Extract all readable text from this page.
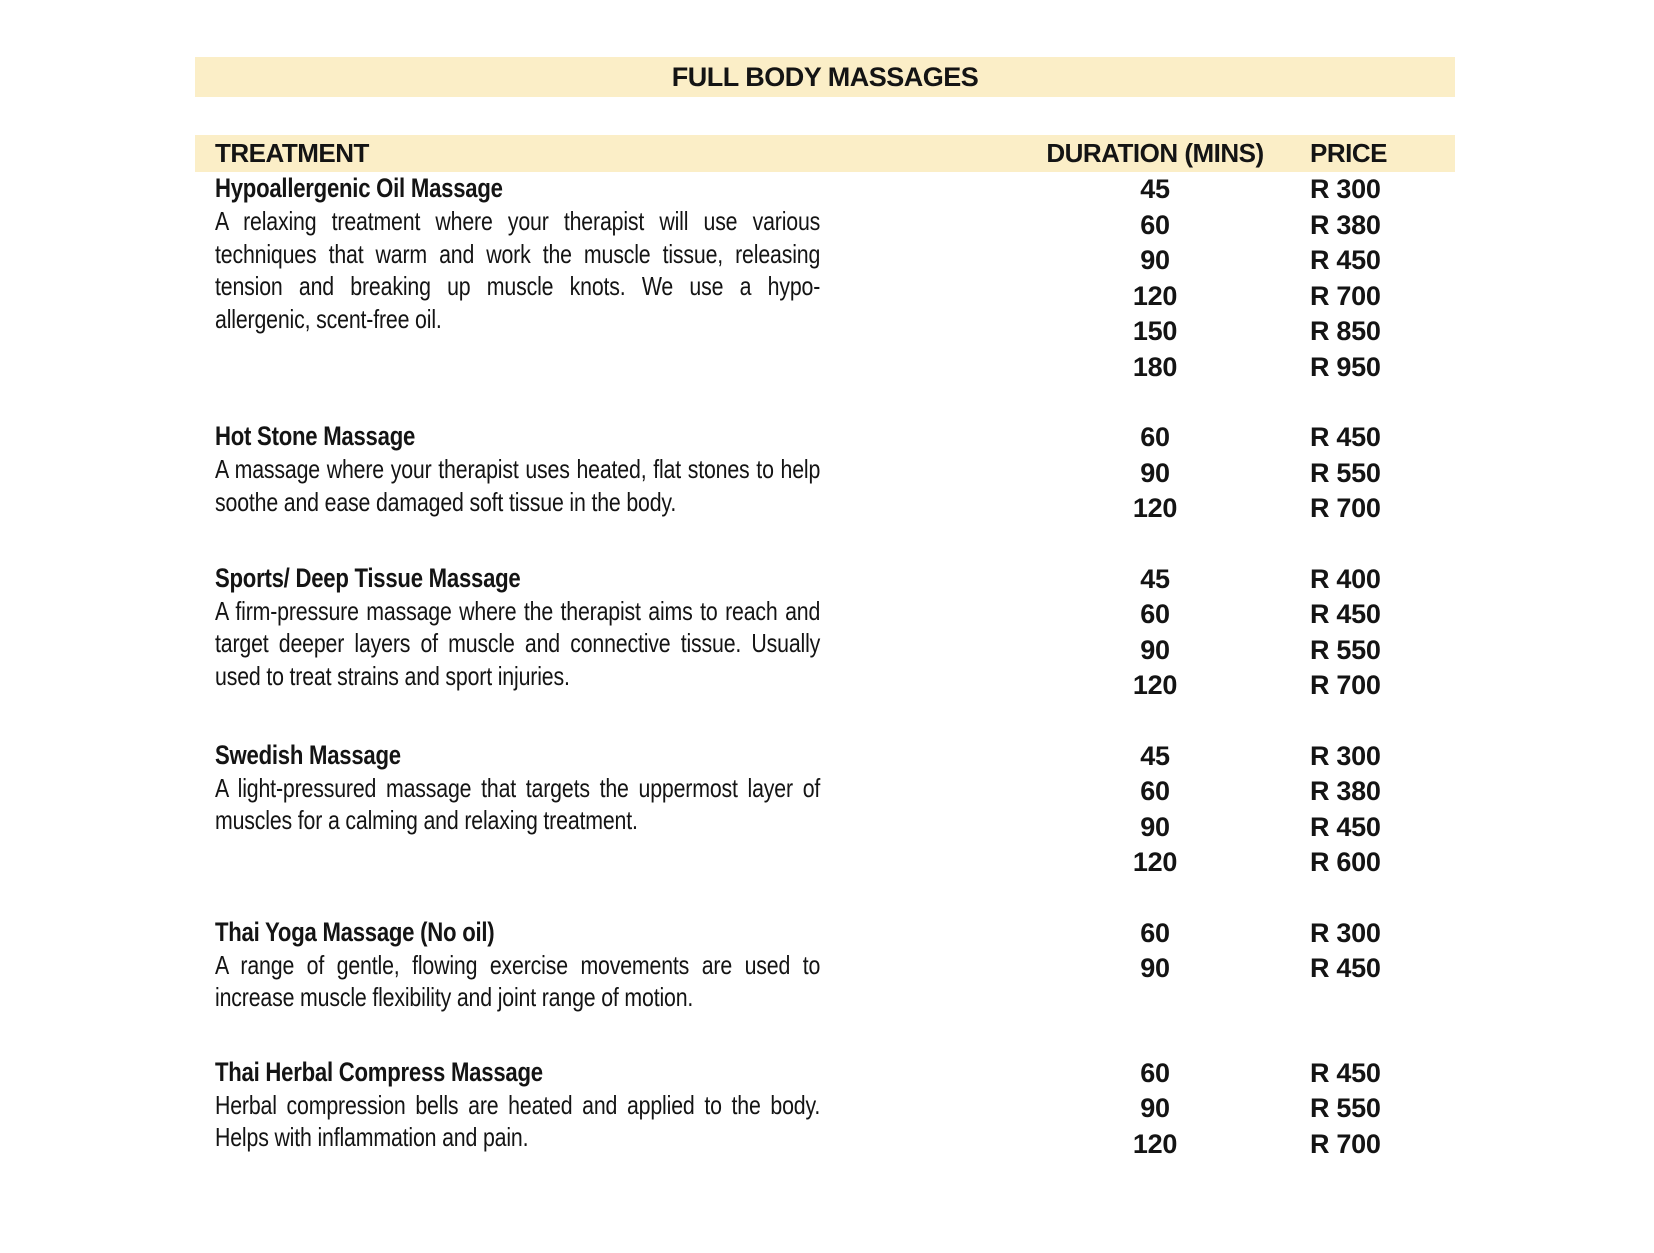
FULL BODY MASSAGES
TREATMENT	DURATION (MINS)	PRICE
Hypoallergenic Oil Massage
A relaxing treatment where your therapist will use various techniques that warm and work the muscle tissue, releasing tension and breaking up muscle knots. We use a hypo-allergenic, scent-free oil.
45
60
90
120
150
180
R 300
R 380
R 450
R 700
R 850
R 950
Hot Stone Massage
A massage where your therapist uses heated, flat stones to help soothe and ease damaged soft tissue in the body.
60
90
120
R 450
R 550
R 700
Sports/ Deep Tissue Massage
A firm-pressure massage where the therapist aims to reach and target deeper layers of muscle and connective tissue. Usually used to treat strains and sport injuries.
45
60
90
120
R 400
R 450
R 550
R 700
Swedish Massage
A light-pressured massage that targets the uppermost layer of muscles for a calming and relaxing treatment.
45
60
90
120
R 300
R 380
R 450
R 600
Thai Yoga Massage (No oil)
A range of gentle, flowing exercise movements are used to increase muscle flexibility and joint range of motion.
60
90
R 300
R 450
Thai Herbal Compress Massage
Herbal compression bells are heated and applied to the body. Helps with inflammation and pain.
60
90
120
R 450
R 550
R 700
